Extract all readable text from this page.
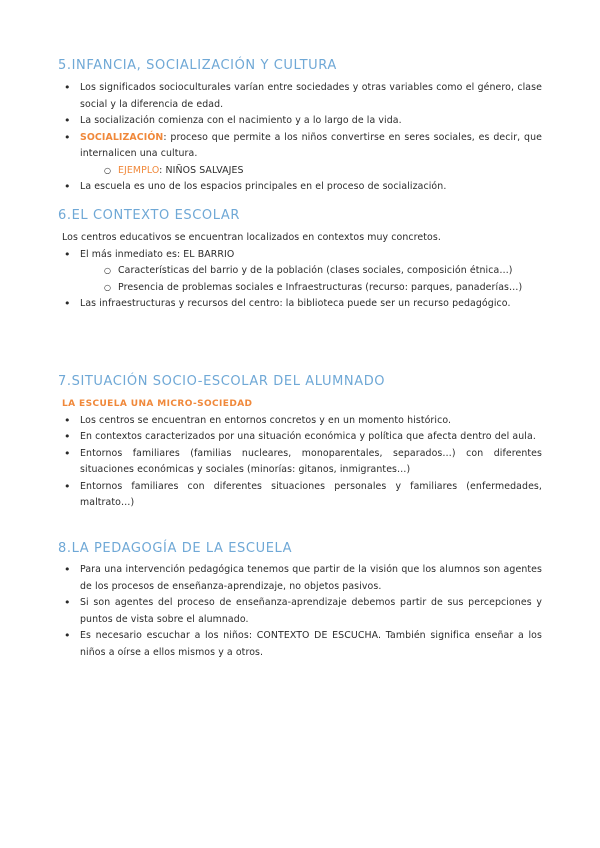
5.INFANCIA, SOCIALIZACIÓN Y CULTURA
• Los significados socioculturales varían entre sociedades y otras variables como el género, clase social y la diferencia de edad.
• La socialización comienza con el nacimiento y a lo largo de la vida.
• SOCIALIZACIÓN: proceso que permite a los niños convertirse en seres sociales, es decir, que internalicen una cultura.
○ EJEMPLO: NIÑOS SALVAJES
• La escuela es uno de los espacios principales en el proceso de socialización.
6.EL CONTEXTO ESCOLAR
Los centros educativos se encuentran localizados en contextos muy concretos.
• El más inmediato es: EL BARRIO
○ Características del barrio y de la población (clases sociales, composición étnica…)
○ Presencia de problemas sociales e Infraestructuras (recurso: parques, panaderías…)
• Las infraestructuras y recursos del centro: la biblioteca puede ser un recurso pedagógico.
7.SITUACIÓN SOCIO-ESCOLAR DEL ALUMNADO
LA ESCUELA UNA MICRO-SOCIEDAD
• Los centros se encuentran en entornos concretos y en un momento histórico.
• En contextos caracterizados por una situación económica y política que afecta dentro del aula.
• Entornos familiares (familias nucleares, monoparentales, separados…) con diferentes situaciones económicas y sociales (minorías: gitanos, inmigrantes…)
• Entornos familiares con diferentes situaciones personales y familiares (enfermedades, maltrato…)
8.LA PEDAGOGÍA DE LA ESCUELA
• Para una intervención pedagógica tenemos que partir de la visión que los alumnos son agentes de los procesos de enseñanza-aprendizaje, no objetos pasivos.
• Si son agentes del proceso de enseñanza-aprendizaje debemos partir de sus percepciones y puntos de vista sobre el alumnado.
• Es necesario escuchar a los niños: CONTEXTO DE ESCUCHA. También significa enseñar a los niños a oírse a ellos mismos y a otros.
